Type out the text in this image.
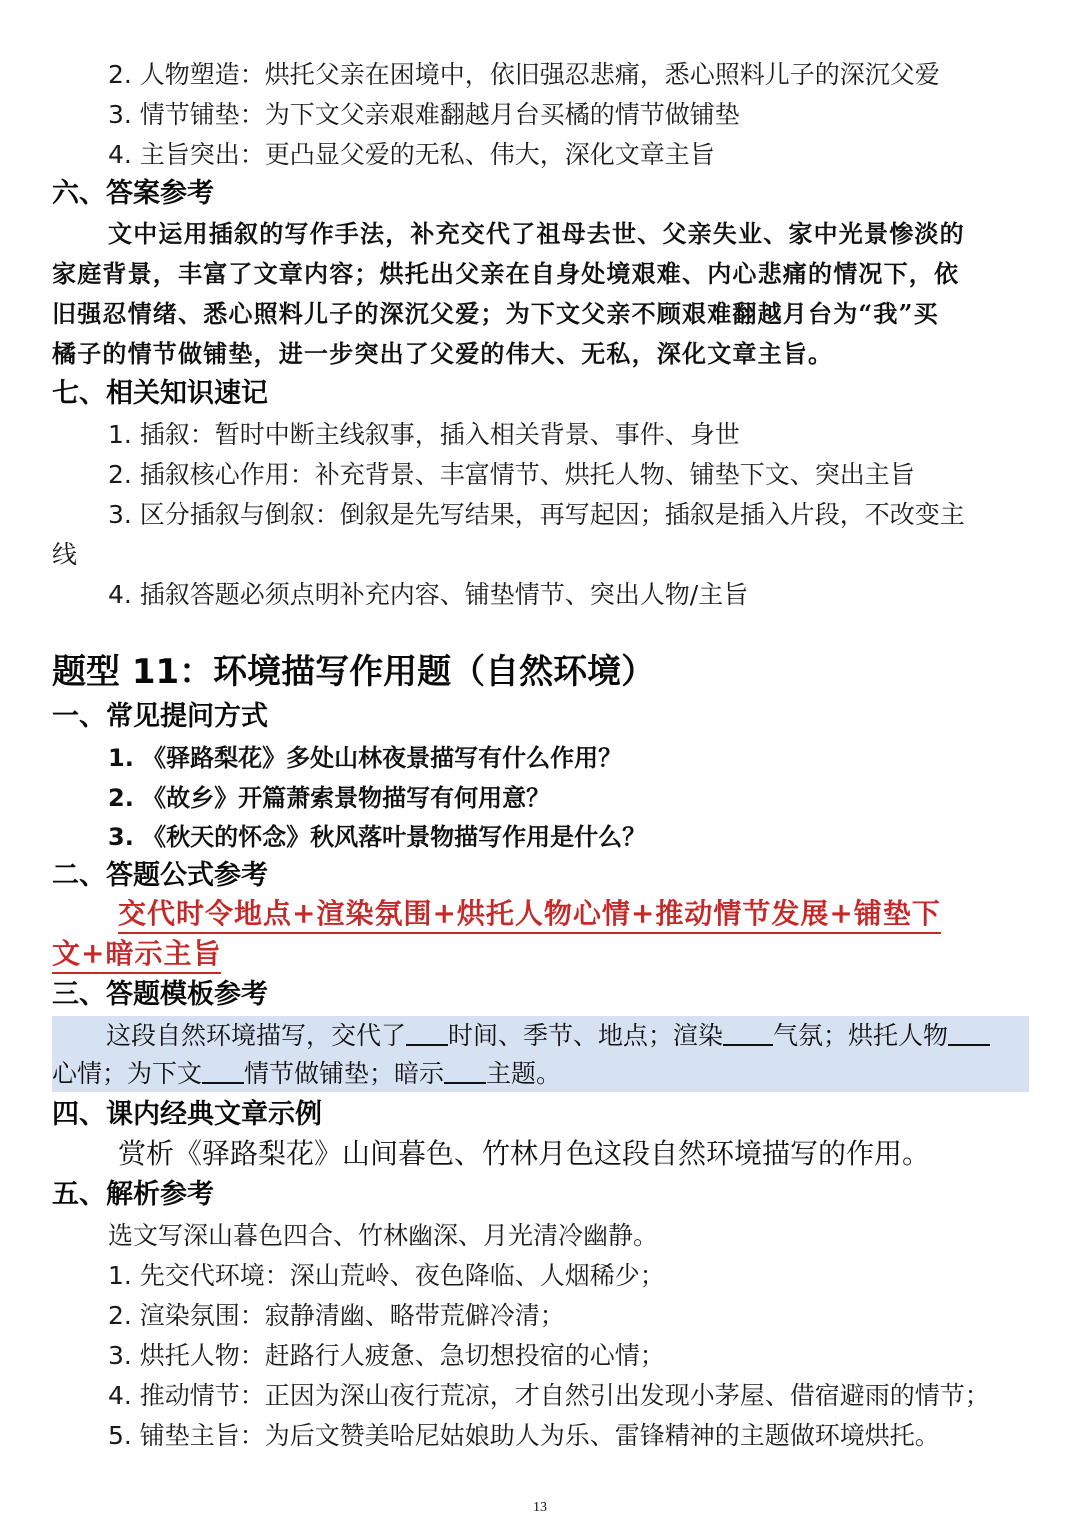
2. 人物塑造：烘托父亲在困境中，依旧强忍悲痛，悉心照料儿子的深沉父爱
3. 情节铺垫：为下文父亲艰难翻越月台买橘的情节做铺垫
4. 主旨突出：更凸显父爱的无私、伟大，深化文章主旨
六、答案参考
文中运用插叙的写作手法，补充交代了祖母去世、父亲失业、家中光景惨淡的
家庭背景，丰富了文章内容；烘托出父亲在自身处境艰难、内心悲痛的情况下，依
旧强忍情绪、悉心照料儿子的深沉父爱；为下文父亲不顾艰难翻越月台为“我”买
橘子的情节做铺垫，进一步突出了父爱的伟大、无私，深化文章主旨。
七、相关知识速记
1. 插叙：暂时中断主线叙事，插入相关背景、事件、身世
2. 插叙核心作用：补充背景、丰富情节、烘托人物、铺垫下文、突出主旨
3. 区分插叙与倒叙：倒叙是先写结果，再写起因；插叙是插入片段，不改变主
线
4. 插叙答题必须点明补充内容、铺垫情节、突出人物/主旨
题型 11：环境描写作用题（自然环境）
一、常见提问方式
1. 《驿路梨花》多处山林夜景描写有什么作用？
2. 《故乡》开篇萧索景物描写有何用意？
3. 《秋天的怀念》秋风落叶景物描写作用是什么？
二、答题公式参考
交代时令地点+渲染氛围+烘托人物心情+推动情节发展+铺垫下
文+暗示主旨
三、答题模板参考
这段自然环境描写，交代了 时间、季节、地点；渲染 气氛；烘托人物
心情；为下文 情节做铺垫；暗示 主题。
四、课内经典文章示例
赏析《驿路梨花》山间暮色、竹林月色这段自然环境描写的作用。
五、解析参考
选文写深山暮色四合、竹林幽深、月光清冷幽静。
1. 先交代环境：深山荒岭、夜色降临、人烟稀少；
2. 渲染氛围：寂静清幽、略带荒僻冷清；
3. 烘托人物：赶路行人疲惫、急切想投宿的心情；
4. 推动情节：正因为深山夜行荒凉，才自然引出发现小茅屋、借宿避雨的情节；
5. 铺垫主旨：为后文赞美哈尼姑娘助人为乐、雷锋精神的主题做环境烘托。
13
